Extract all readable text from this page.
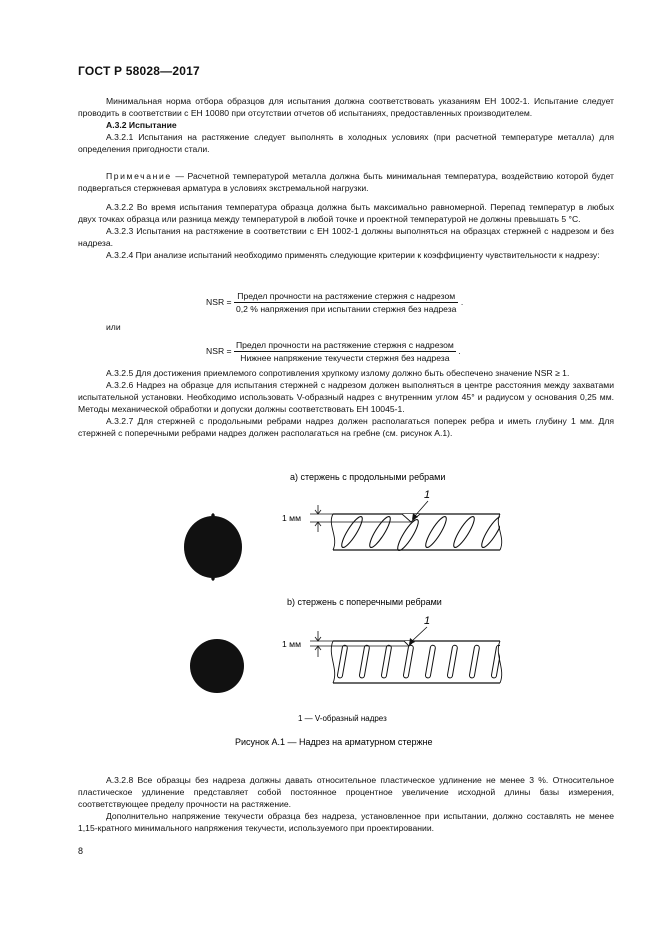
ГОСТ Р 58028—2017

Минимальная норма отбора образцов для испытания должна соответствовать указаниям ЕН 1002-1. Испытание следует проводить в соответствии с ЕН 10080 при отсутствии отчетов об испытаниях, предоставленных производителем.

А.3.2 Испытание

А.3.2.1 Испытания на растяжение следует выполнять в холодных условиях (при расчетной температуре металла) для определения пригодности стали.

Примечание — Расчетной температурой металла должна быть минимальная температура, воздействию которой будет подвергаться стержневая арматура в условиях экстремальной нагрузки.

А.3.2.2 Во время испытания температура образца должна быть максимально равномерной. Перепад температур в любых двух точках образца или разница между температурой в любой точке и проектной температурой не должны превышать 5 °С.

А.3.2.3 Испытания на растяжение в соответствии с ЕН 1002-1 должны выполняться на образцах стержней с надрезом и без надреза.

А.3.2.4 При анализе испытаний необходимо применять следующие критерии к коэффициенту чувствительности к надрезу:

NSR = $\frac{\text{Предел прочности на растяжение стержня с надрезом}}{\text{0,2 \% напряжения при испытании стержня без надреза}}$ .
или
NSR = $\frac{\text{Предел прочности на растяжение стержня с надрезом}}{\text{Нижнее напряжение текучести стержня без надреза}}$ .

А.3.2.5 Для достижения приемлемого сопротивления хрупкому излому должно быть обеспечено значение NSR ≥ 1.

А.3.2.6 Надрез на образце для испытания стержней с надрезом должен выполняться в центре расстояния между захватами испытательной установки. Необходимо использовать V-образный надрез с внутренним углом 45° и радиусом у основания 0,25 мм. Методы механической обработки и допуски должны соответствовать ЕН 10045-1.

А.3.2.7 Для стержней с продольными ребрами надрез должен располагаться поперек ребра и иметь глубину 1 мм. Для стержней с поперечными ребрами надрез должен располагаться на гребне (см. рисунок А.1).

а) стержень с продольными ребрами
1 мм
1
b) стержень с поперечными ребрами
1 мм
1
1 — V-образный надрез
Рисунок А.1 — Надрез на арматурном стержне

А.3.2.8 Все образцы без надреза должны давать относительное пластическое удлинение не менее 3 %. Относительное пластическое удлинение представляет собой постоянное процентное увеличение исходной длины базы измерения, соответствующее пределу прочности на растяжение.

Дополнительно напряжение текучести образца без надреза, установленное при испытании, должно составлять не менее 1,15-кратного минимального напряжения текучести, используемого при проектировании.

8
